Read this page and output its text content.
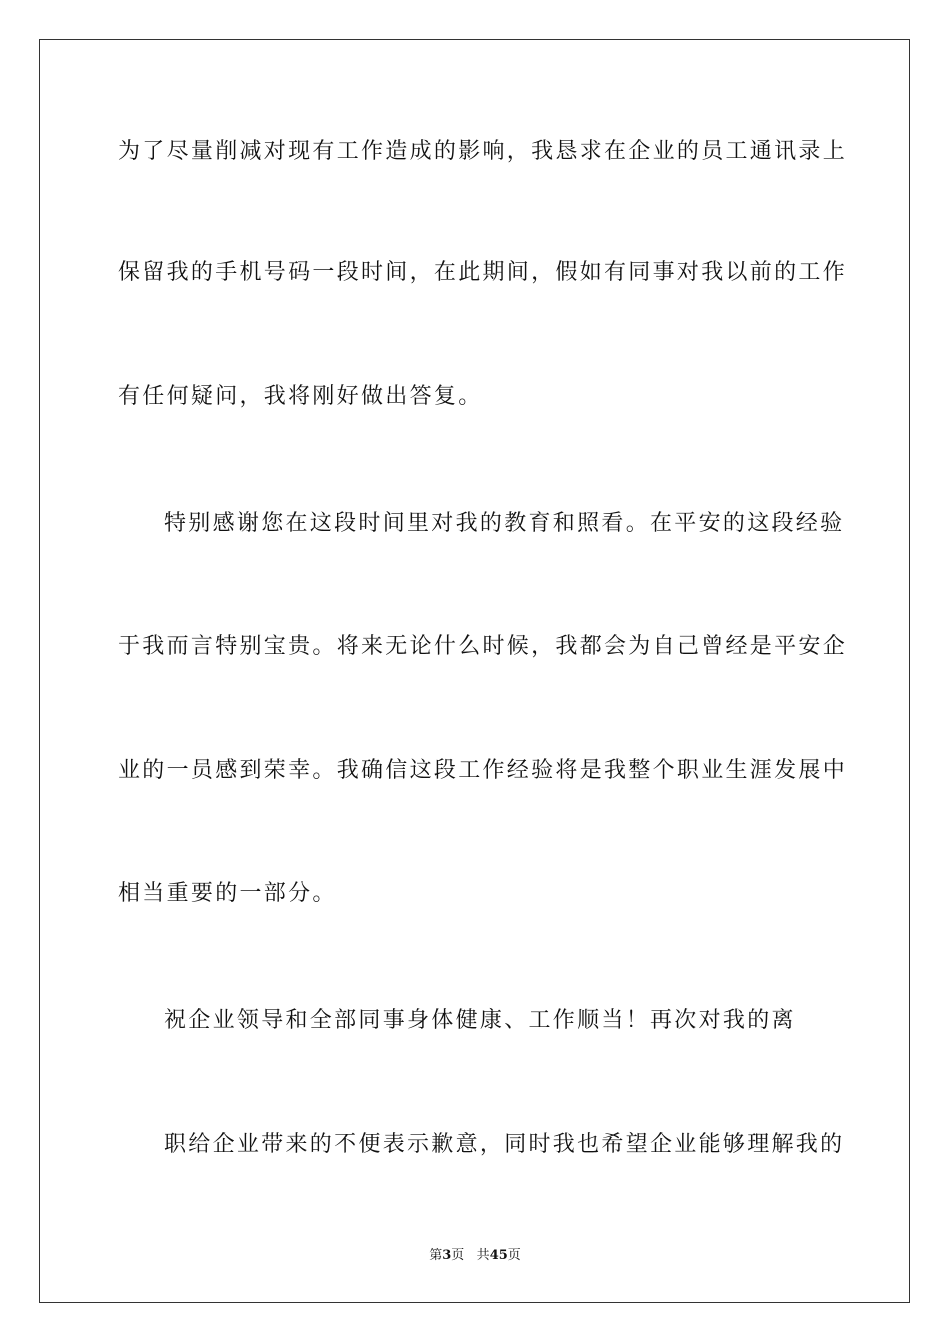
为了尽量削减对现有工作造成的影响，我恳求在企业的员工通讯录上
保留我的手机号码一段时间，在此期间，假如有同事对我以前的工作
有任何疑问，我将刚好做出答复。
特别感谢您在这段时间里对我的教育和照看。在平安的这段经验
于我而言特别宝贵。将来无论什么时候，我都会为自己曾经是平安企
业的一员感到荣幸。我确信这段工作经验将是我整个职业生涯发展中
相当重要的一部分。
祝企业领导和全部同事身体健康、工作顺当！再次对我的离
职给企业带来的不便表示歉意，同时我也希望企业能够理解我的
第3页 共45页
